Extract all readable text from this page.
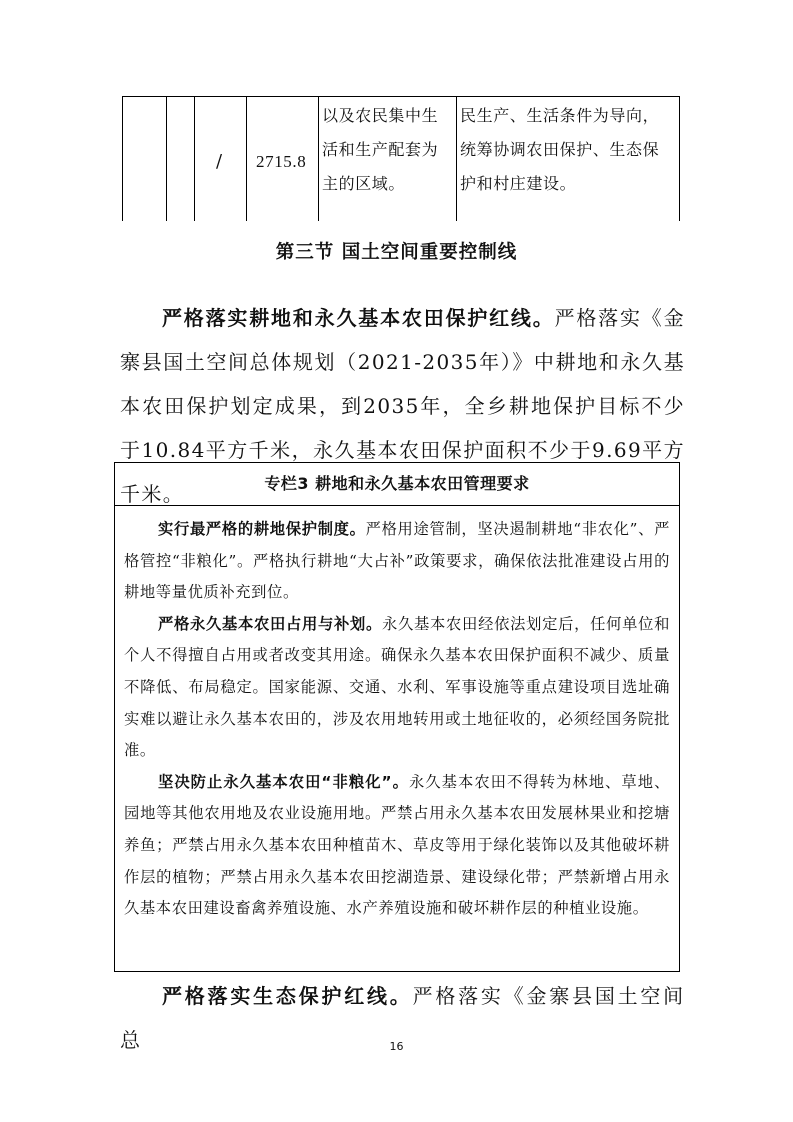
/ 2715.8
以及农民集中生
活和生产配套为
主的区域。
民生产、生活条件为导向，
统筹协调农田保护、生态保
护和村庄建设。
第三节 国土空间重要控制线

严格落实耕地和永久基本农田保护红线。严格落实《金寨县国土空间总体规划（2021-2035年）》中耕地和永久基本农田保护划定成果，到2035年，全乡耕地保护目标不少于10.84平方千米，永久基本农田保护面积不少于9.69平方千米。	专栏3 耕地和永久基本农田管理要求

实行最严格的耕地保护制度。严格用途管制，坚决遏制耕地“非农化”、严格管控“非粮化”。严格执行耕地“大占补”政策要求，确保依法批准建设占用的耕地等量优质补充到位。

严格永久基本农田占用与补划。永久基本农田经依法划定后，任何单位和个人不得擅自占用或者改变其用途。确保永久基本农田保护面积不减少、质量不降低、布局稳定。国家能源、交通、水利、军事设施等重点建设项目选址确实难以避让永久基本农田的，涉及农用地转用或土地征收的，必须经国务院批准。

坚决防止永久基本农田“非粮化”。永久基本农田不得转为林地、草地、园地等其他农用地及农业设施用地。严禁占用永久基本农田发展林果业和挖塘养鱼；严禁占用永久基本农田种植苗木、草皮等用于绿化装饰以及其他破坏耕作层的植物；严禁占用永久基本农田挖湖造景、建设绿化带；严禁新增占用永久基本农田建设畜禽养殖设施、水产养殖设施和破坏耕作层的种植业设施。

严格落实生态保护红线。严格落实《金寨县国土空间总	16
